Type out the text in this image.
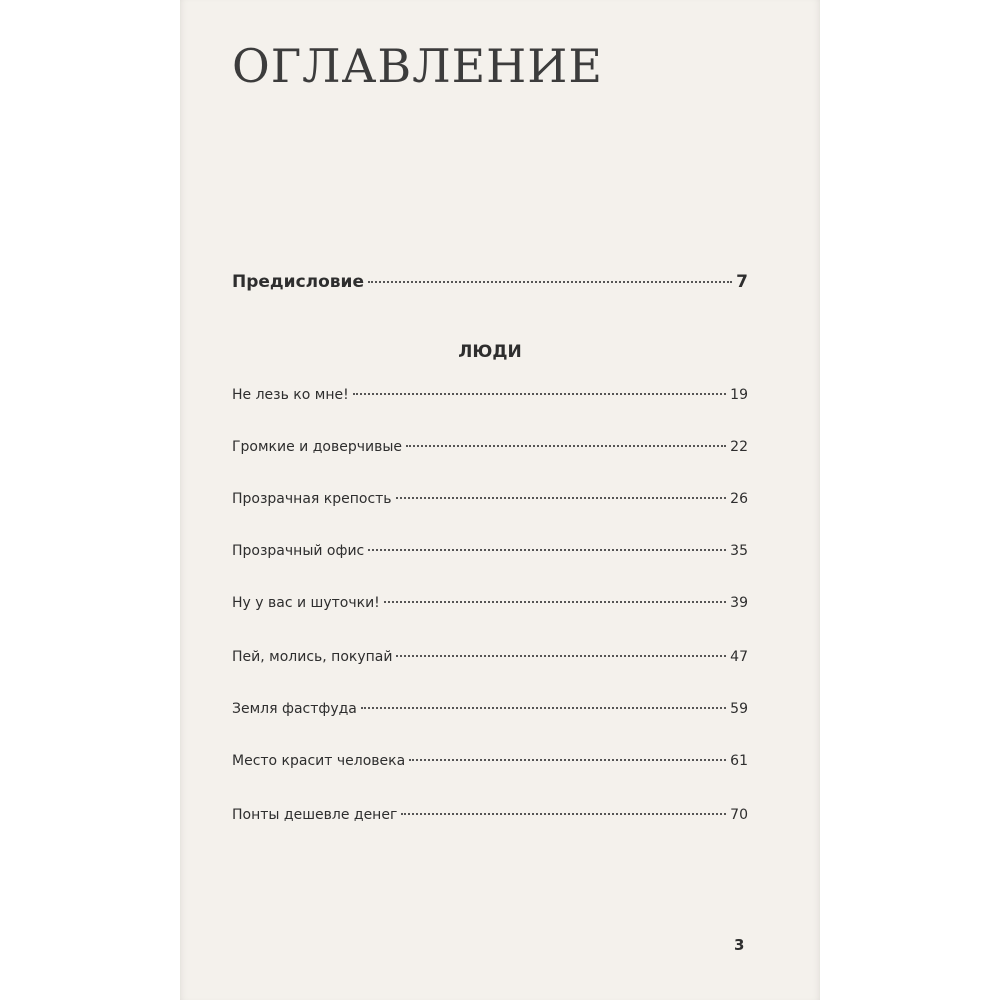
ОГЛАВЛЕНИЕ
Предисловие	7
ЛЮДИ
Не лезь ко мне!	19
Громкие и доверчивые	22
Прозрачная крепость	26
Прозрачный офис	35
Ну у вас и шуточки!	39
Пей, молись, покупай	47
Земля фастфуда	59
Место красит человека	61
Понты дешевле денег	70
3
